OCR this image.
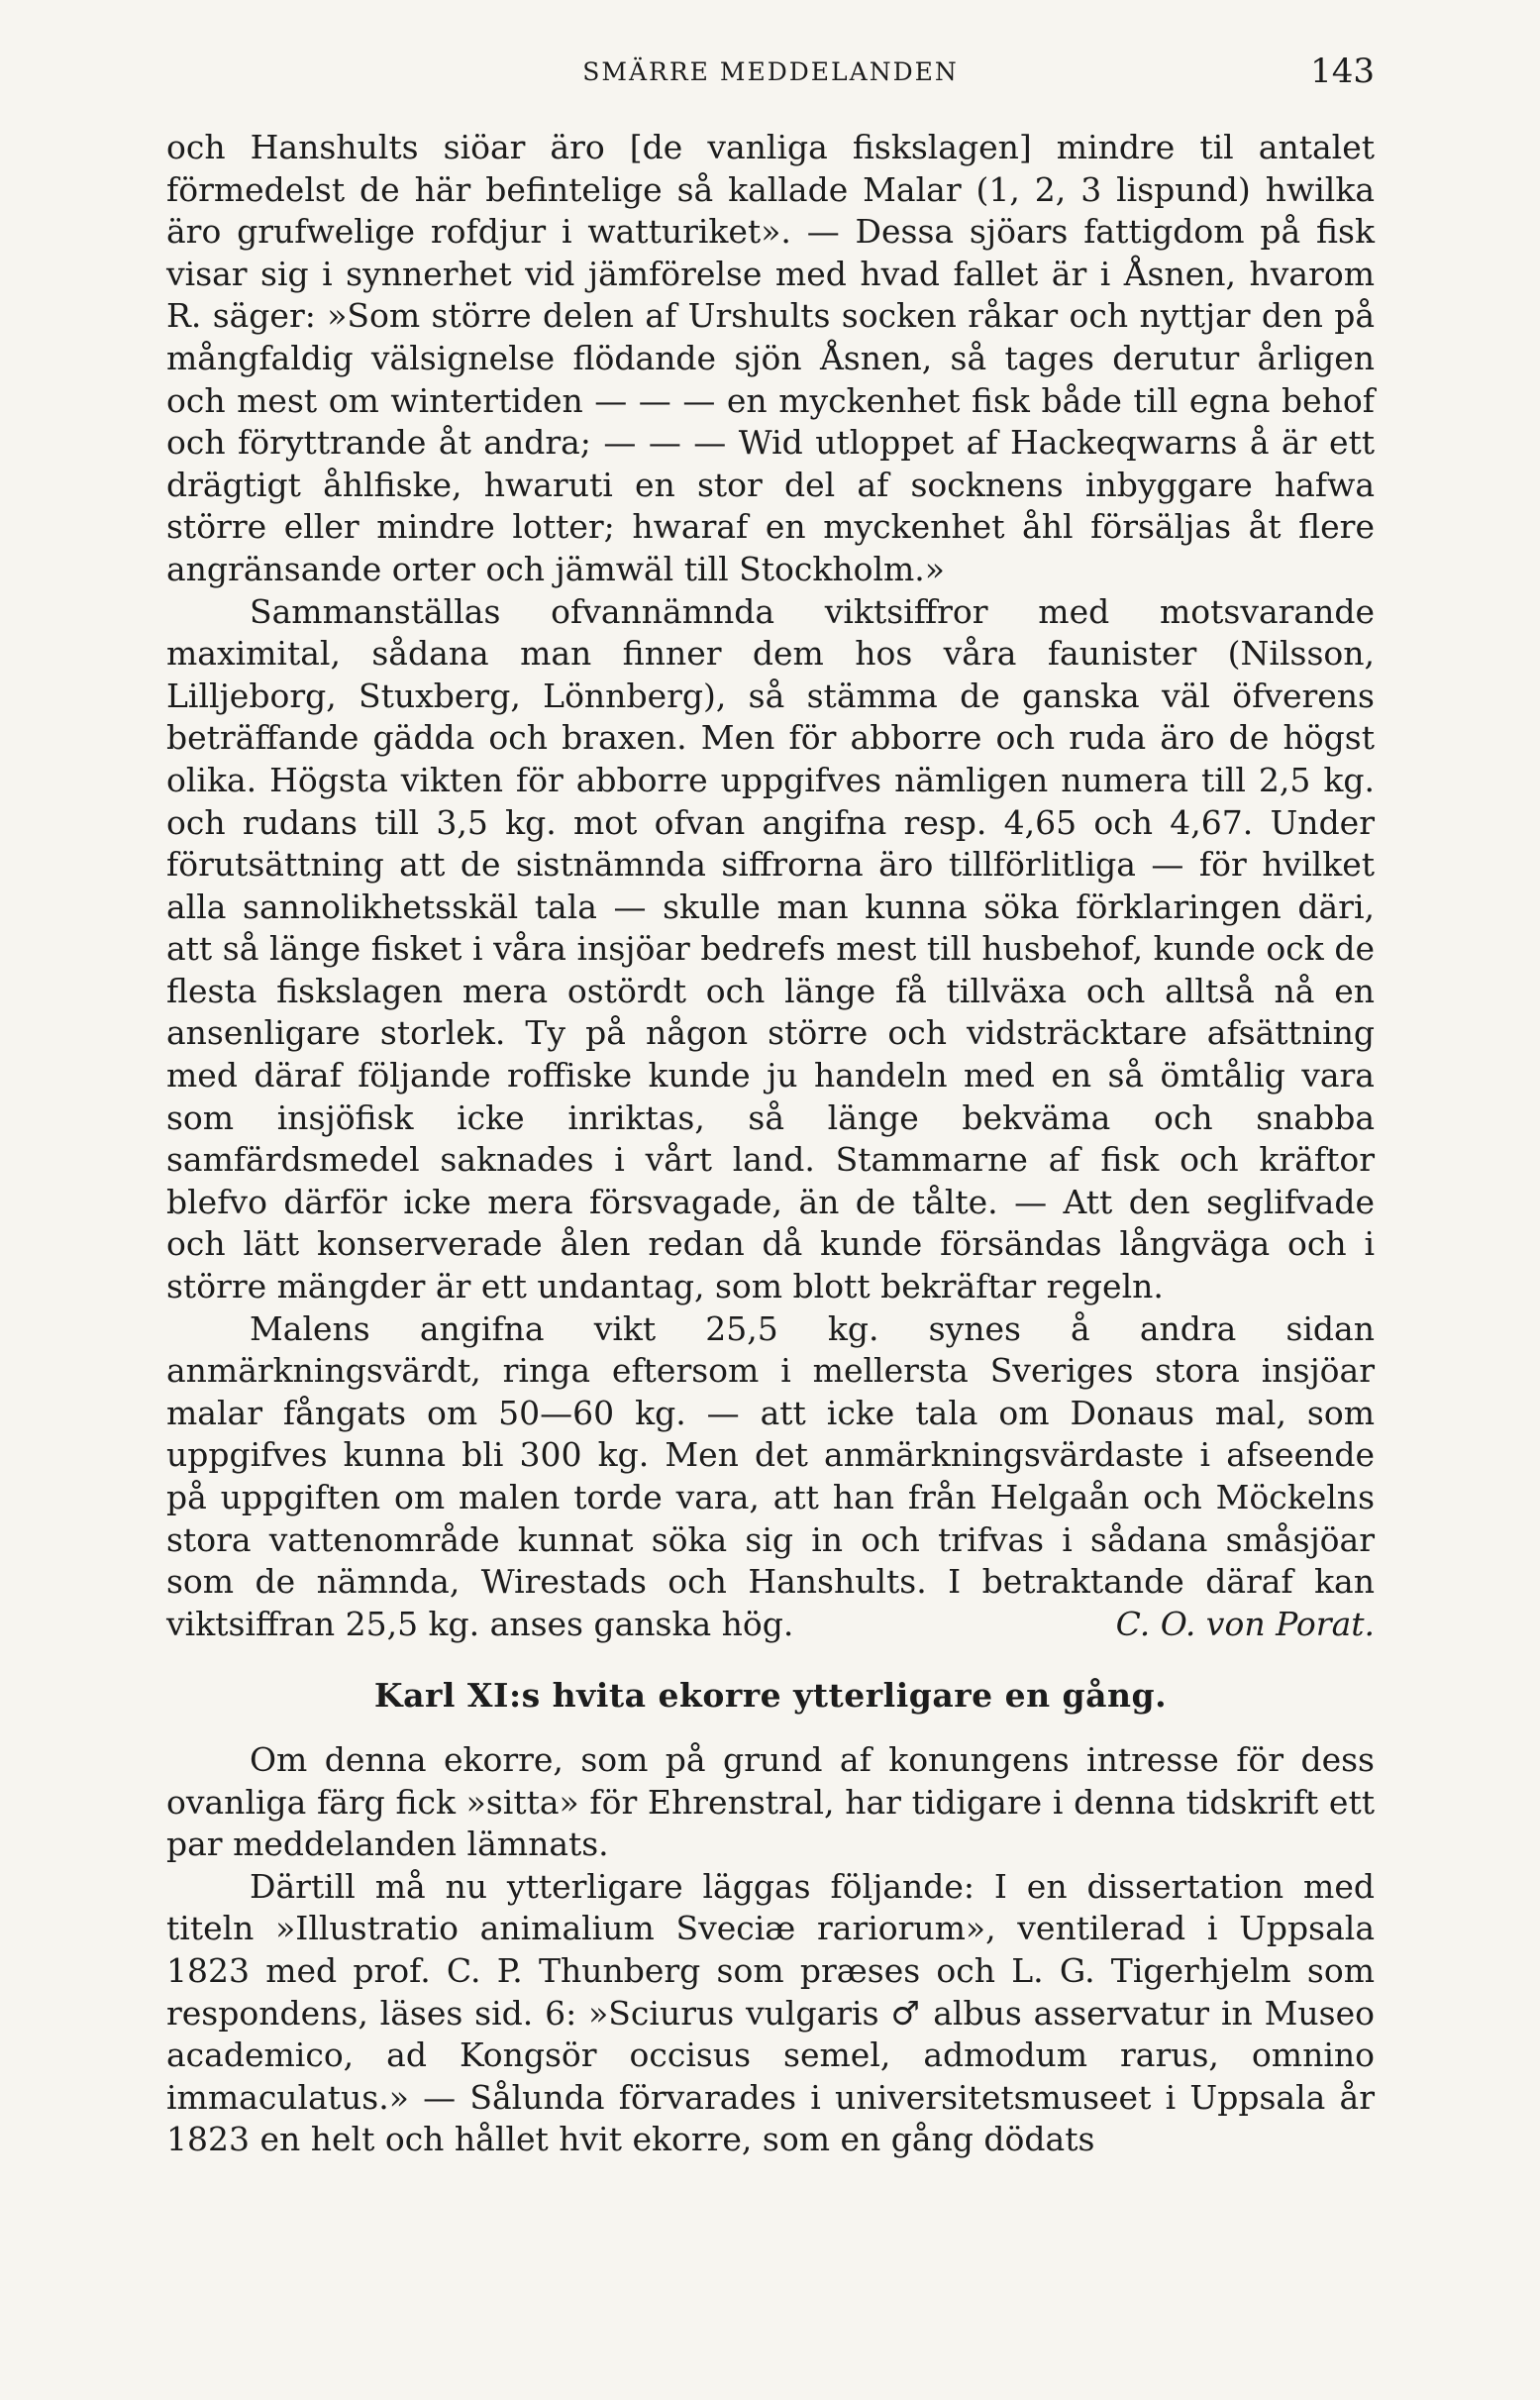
SMÄRRE MEDDELANDEN	143

och Hanshults siöar äro [de vanliga fiskslagen] mindre til antalet förmedelst de här befintelige så kallade Malar (1, 2, 3 lispund) hwilka äro grufwelige rofdjur i watturiket». — Dessa sjöars fattigdom på fisk visar sig i synnerhet vid jämförelse med hvad fallet är i Åsnen, hvarom R. säger: »Som större delen af Urshults socken råkar och nyttjar den på mångfaldig välsignelse flödande sjön Åsnen, så tages derutur årligen och mest om wintertiden — — — en myckenhet fisk både till egna behof och föryttrande åt andra; — — — Wid utloppet af Hackeqwarns å är ett drägtigt åhlfiske, hwaruti en stor del af socknens inbyggare hafwa större eller mindre lotter; hwaraf en myckenhet åhl försäljas åt flere angränsande orter och jämwäl till Stockholm.»

Sammanställas ofvannämnda viktsiffror med motsvarande maximital, sådana man finner dem hos våra faunister (Nilsson, Lilljeborg, Stuxberg, Lönnberg), så stämma de ganska väl öfverens beträffande gädda och braxen. Men för abborre och ruda äro de högst olika. Högsta vikten för abborre uppgifves nämligen numera till 2,5 kg. och rudans till 3,5 kg. mot ofvan angifna resp. 4,65 och 4,67. Under förutsättning att de sistnämnda siffrorna äro tillförlitliga — för hvilket alla sannolikhetsskäl tala — skulle man kunna söka förklaringen däri, att så länge fisket i våra insjöar bedrefs mest till husbehof, kunde ock de flesta fiskslagen mera ostördt och länge få tillväxa och alltså nå en ansenligare storlek. Ty på någon större och vidsträcktare afsättning med däraf följande roffiske kunde ju handeln med en så ömtålig vara som insjöfisk icke inriktas, så länge bekväma och snabba samfärdsmedel saknades i vårt land. Stammarne af fisk och kräftor blefvo därför icke mera försvagade, än de tålte. — Att den seglifvade och lätt konserverade ålen redan då kunde försändas långväga och i större mängder är ett undantag, som blott bekräftar regeln.

Malens angifna vikt 25,5 kg. synes å andra sidan anmärkningsvärdt, ringa eftersom i mellersta Sveriges stora insjöar malar fångats om 50—60 kg. — att icke tala om Donaus mal, som uppgifves kunna bli 300 kg. Men det anmärkningsvärdaste i afseende på uppgiften om malen torde vara, att han från Helgaån och Möckelns stora vattenområde kunnat söka sig in och trifvas i sådana småsjöar som de nämnda, Wirestads och Hanshults. I betraktande däraf kan viktsiffran 25,5 kg. anses ganska hög.	C. O. von Porat.

Karl XI:s hvita ekorre ytterligare en gång.

Om denna ekorre, som på grund af konungens intresse för dess ovanliga färg fick »sitta» för Ehrenstral, har tidigare i denna tidskrift ett par meddelanden lämnats.

Därtill må nu ytterligare läggas följande: I en dissertation med titeln »Illustratio animalium Sveciæ rariorum», ventilerad i Uppsala 1823 med prof. C. P. Thunberg som præses och L. G. Tigerhjelm som respondens, läses sid. 6: »Sciurus vulgaris ♂ albus asservatur in Museo academico, ad Kongsör occisus semel, admodum rarus, omnino immaculatus.» — Sålunda förvarades i universitetsmuseet i Uppsala år 1823 en helt och hållet hvit ekorre, som en gång dödats
